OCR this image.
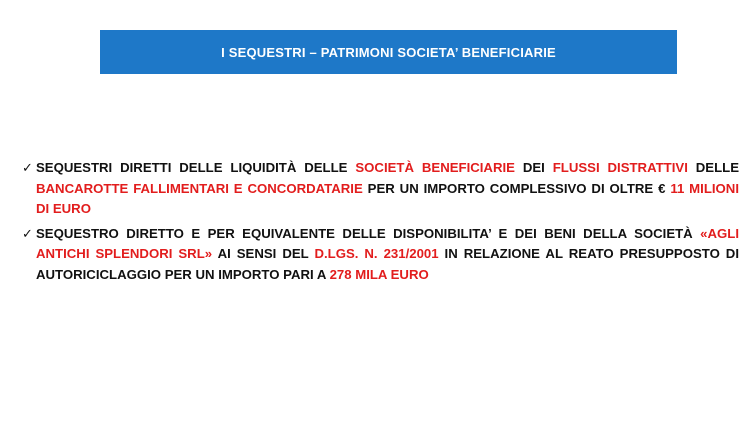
I SEQUESTRI – PATRIMONI SOCIETA’ BENEFICIARIE
✓ SEQUESTRI DIRETTI DELLE LIQUIDITÀ DELLE SOCIETÀ BENEFICIARIE DEI FLUSSI DISTRATTIVI DELLE BANCAROTTE FALLIMENTARI E CONCORDATARIE PER UN IMPORTO COMPLESSIVO DI OLTRE € 11 MILIONI DI EURO
✓ SEQUESTRO DIRETTO E PER EQUIVALENTE DELLE DISPONIBILITA’ E DEI BENI DELLA SOCIETÀ «AGLI ANTICHI SPLENDORI SRL» AI SENSI DEL D.LGS. N. 231/2001 IN RELAZIONE AL REATO PRESUPPOSTO DI AUTORICICLAGGIO PER UN IMPORTO PARI A 278 MILA EURO
